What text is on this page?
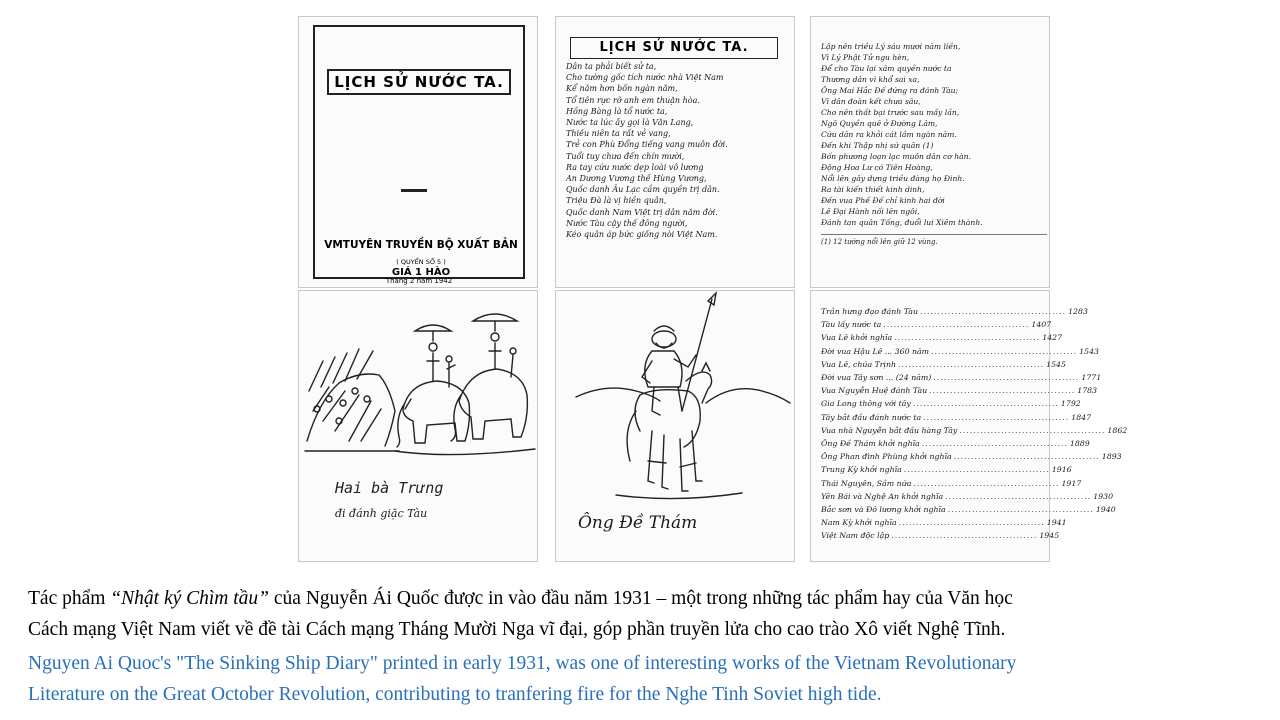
LỊCH SỬ NƯỚC TA.
VMTUYÊN TRUYỀN BỘ XUẤT BẢN
( QUYỂN SỐ 5 )
GIÁ 1 HÀO
Tháng 2 năm 1942
LỊCH SỬ NƯỚC TA.
Dân ta phải biết sử ta,
Cho tường gốc tích nước nhà Việt Nam
Kể năm hơn bốn ngàn năm,
Tổ tiên rực rỡ anh em thuận hòa.
Hồng Bàng là tổ nước ta,
Nước ta lúc ấy gọi là Văn Lang,
Thiếu niên ta rất vẻ vang,
Trẻ con Phù Đổng tiếng vang muôn đời.
Tuổi tuy chưa đến chín mười,
Ra tay cứu nước dẹp loài vô lương
An Dương Vương thế Hùng Vương,
Quốc danh Âu Lạc cầm quyền trị dân.
Triệu Đà là vị hiền quân,
Quốc danh Nam Việt trị dân năm đời.
Nước Tàu cậy thế đông người,
Kéo quân áp bức giống nòi Việt Nam.
Lập nên triều Lý sáu mươi năm liền,
Vì Lý Phật Tử ngu hèn,
Để cho Tàu lại xâm quyền nước ta
Thương dân vì khổ sai xa,
Ông Mai Hắc Đế đứng ra đánh Tàu;
Vì dân đoàn kết chưa sâu,
Cho nên thất bại trước sau mấy lần,
Ngô Quyền quê ở Đường Lâm,
Cứu dân ra khỏi cát lầm ngàn năm.
Đến khi Thập nhị sứ quân (1)
Bốn phương loạn lạc muôn dân cơ hàn.
Động Hoa Lư có Tiên Hoàng,
Nổi lên gây dựng triều đàng họ Đinh.
Ra tài kiến thiết kinh dinh,
Đến vua Phế Đế chỉ kinh hai đời
Lê Đại Hành nối lên ngôi,
Đánh tan quân Tống, đuổi lui Xiêm thành.
(1) 12 tướng nổi lên giữ 12 vùng.
Hai bà Trưng
đi đánh giặc Tàu	Ông Đề Thám
Trần hưng đạo đánh Tàu .......................................... 1283
Tàu lấy nước ta .......................................... 1407
Vua Lê khởi nghĩa .......................................... 1427
Đời vua Hậu Lê ... 360 năm .......................................... 1543
Vua Lê, chúa Trịnh .......................................... 1545
Đời vua Tây sơn ... (24 năm) .......................................... 1771
Vua Nguyễn Huệ đánh Tàu .......................................... 1783
Gia Long thông với tây .......................................... 1792
Tây bắt đầu đánh nước ta .......................................... 1847
Vua nhà Nguyễn bắt đầu hàng Tây .......................................... 1862
Ông Đề Thám khởi nghĩa .......................................... 1889
Ông Phan đình Phùng khởi nghĩa .......................................... 1893
Trung Kỳ khởi nghĩa .......................................... 1916
Thái Nguyên, Sầm nứa .......................................... 1917
Yên Bái và Nghệ An khởi nghĩa .......................................... 1930
Bắc sơn và Đô lương khởi nghĩa .......................................... 1940
Nam Kỳ khởi nghĩa .......................................... 1941
Việt Nam độc lập .......................................... 1945
Tác phẩm “Nhật ký Chìm tầu” của Nguyễn Ái Quốc được in vào đầu năm 1931 – một trong những tác phẩm hay của Văn học
Cách mạng Việt Nam viết về đề tài Cách mạng Tháng Mười Nga vĩ đại, góp phần truyền lửa cho cao trào Xô viết Nghệ Tĩnh.
Nguyen Ai Quoc's "The Sinking Ship Diary" printed in early 1931, was one of interesting works of the Vietnam Revolutionary
Literature on the Great October Revolution, contributing to tranfering fire for the Nghe Tinh Soviet high tide.
